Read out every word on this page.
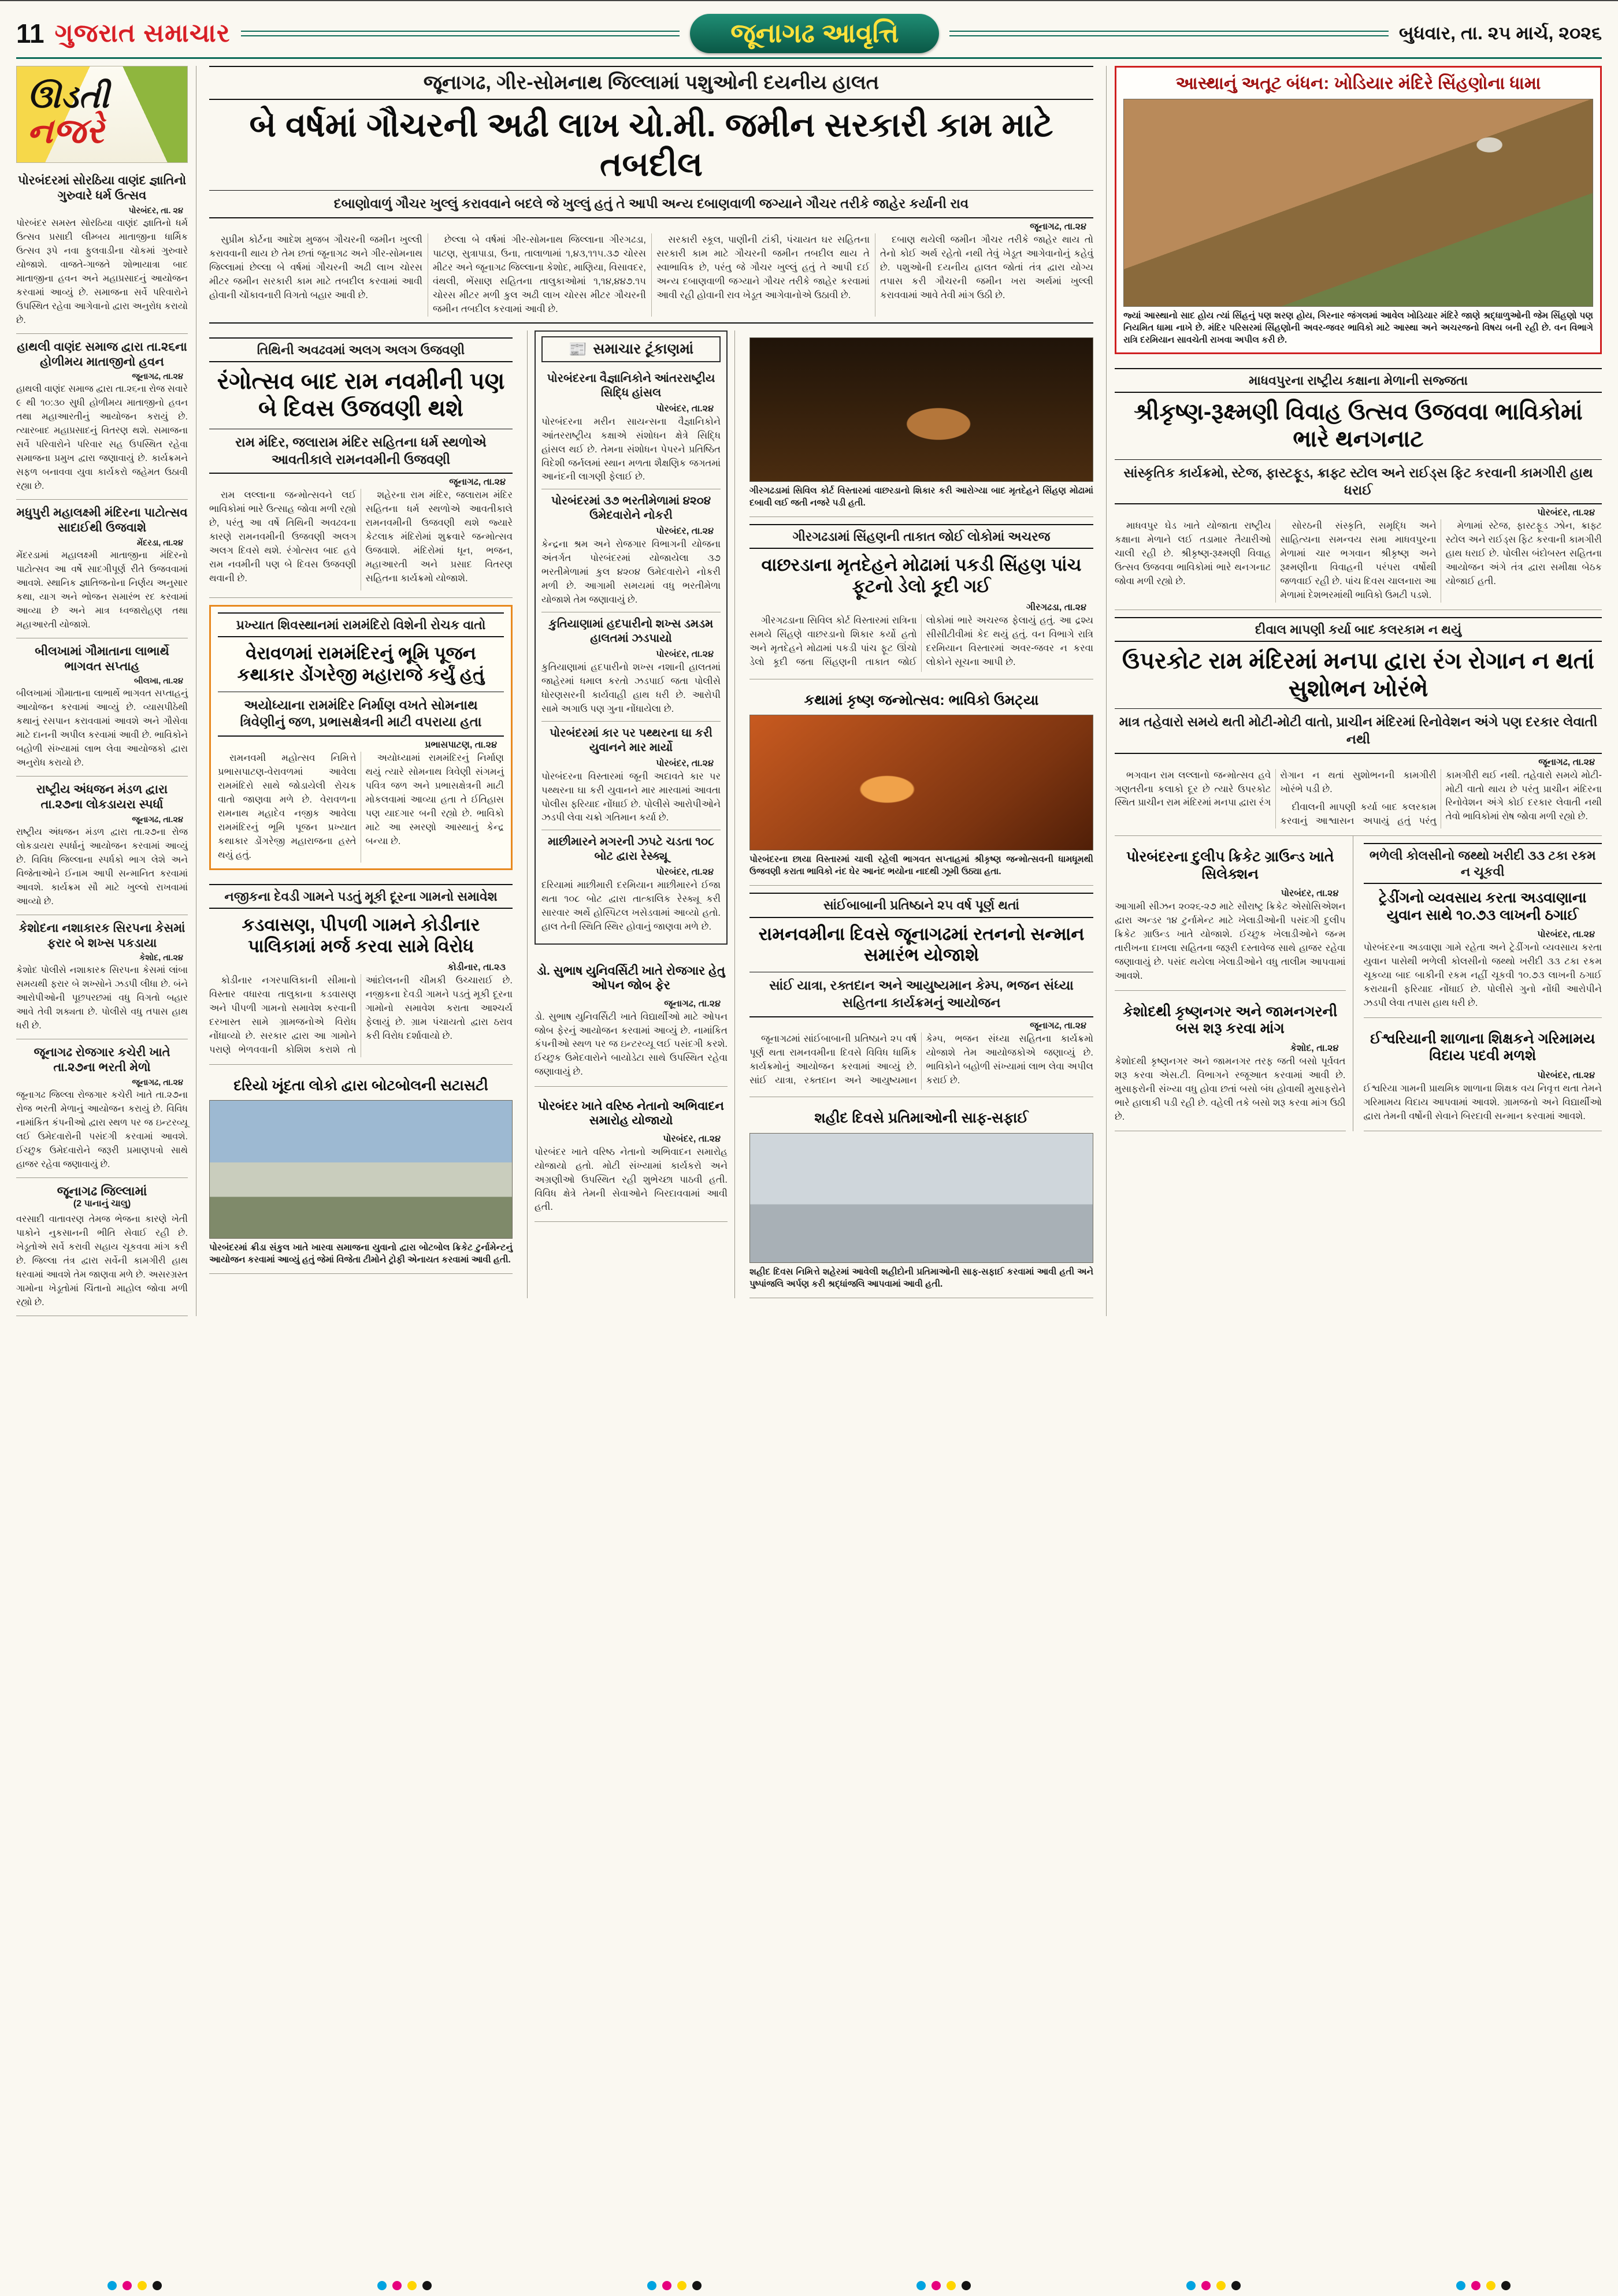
11 ગુજરાત સમાચાર	જૂનાગઢ આવૃત્તિ	બુધવાર, તા. ૨૫ માર્ચ, ૨૦૨૬
ઊડતી
નજરે
પોરબંદરમાં સોરઠિયા વાણંદ જ્ઞાતિનો ગુરુવારે ધર્મ ઉત્સવ
પોરબંદર, તા. ૨૪
પોરબંદર સમસ્ત સોરઠિયા વાણંદ જ્ઞાતિનો ધર્મ ઉત્સવ પ્રસાદી લીમ્બય માતાજીના ધાર્મિક ઉત્સવ રૂપે નવા ફુલવાડીના ચોકમાં ગુરુવારે યોજાશે. વાજતે-ગાજતે શોભાયાત્રા બાદ માતાજીના હવન અને મહાપ્રસાદનું આયોજન કરવામાં આવ્યું છે. સમાજના સર્વે પરિવારોને ઉપસ્થિત રહેવા આગેવાનો દ્વારા અનુરોધ કરાયો છે.
હાથલી વાણંદ સમાજ દ્વારા તા.૨૬ના હોળીમય માતાજીનો હવન
જૂનાગઢ, તા.૨૪
હાથલી વાણંદ સમાજ દ્વારા તા.૨૬ના રોજ સવારે ૯ થી ૧૦:૩૦ સુધી હોળીમય માતાજીનો હવન તથા મહાઆરતીનું આયોજન કરાયું છે. ત્યારબાદ મહાપ્રસાદનું વિતરણ થશે. સમાજના સર્વે પરિવારોને પરિવાર સહ ઉપસ્થિત રહેવા સમાજના પ્રમુખ દ્વારા જણાવાયું છે. કાર્યક્રમને સફળ બનાવવા યુવા કાર્યકરો જહેમત ઉઠાવી રહ્યા છે.
મધુપુરી મહાલક્ષ્મી મંદિરના પાટોત્સવ સાદાઈથી ઉજવાશે
મેંદરડા, તા.૨૪
મેંદરડામાં મહાલક્ષ્મી માતાજીના મંદિરનો પાટોત્સવ આ વર્ષે સાદગીપૂર્ણ રીતે ઉજવવામાં આવશે. સ્થાનિક જ્ઞાતિજનોના નિર્ણય અનુસાર કથા, યાગ અને ભોજન સમારંભ રદ કરવામાં આવ્યા છે અને માત્ર ધ્વજારોહણ તથા મહાઆરતી યોજાશે.
બીલખામાં ગૌમાતાના લાભાર્થે ભાગવત સપ્તાહ
બીલખા, તા.૨૪
બીલખામાં ગૌમાતાના લાભાર્થે ભાગવત સપ્તાહનું આયોજન કરવામાં આવ્યું છે. વ્યાસપીઠેથી કથાનું રસપાન કરાવવામાં આવશે અને ગૌસેવા માટે દાનની અપીલ કરવામાં આવી છે. ભાવિકોને બહોળી સંખ્યામાં લાભ લેવા આયોજકો દ્વારા અનુરોધ કરાયો છે.
રાષ્ટ્રીય અંધજન મંડળ દ્વારા તા.૨૭ના લોકડાયરા સ્પર્ધા
જૂનાગઢ, તા.૨૪
રાષ્ટ્રીય અંધજન મંડળ દ્વારા તા.૨૭ના રોજ લોકડાયરા સ્પર્ધાનું આયોજન કરવામાં આવ્યું છે. વિવિધ જિલ્લાના સ્પર્ધકો ભાગ લેશે અને વિજેતાઓને ઈનામ આપી સન્માનિત કરવામાં આવશે. કાર્યક્રમ સૌ માટે ખુલ્લો રાખવામાં આવ્યો છે.
કેશોદના નશાકારક સિરપના કેસમાં ફરાર બે શખ્સ પકડાયા
કેશોદ, તા.૨૪
કેશોદ પોલીસે નશાકારક સિરપના કેસમાં લાંબા સમયથી ફરાર બે શખ્સોને ઝડપી લીધા છે. બંને આરોપીઓની પૂછપરછમાં વધુ વિગતો બહાર આવે તેવી શક્યતા છે. પોલીસે વધુ તપાસ હાથ ધરી છે.
જૂનાગઢ રોજગાર કચેરી ખાતે તા.૨૭ના ભરતી મેળો
જૂનાગઢ, તા.૨૪
જૂનાગઢ જિલ્લા રોજગાર કચેરી ખાતે તા.૨૭ના રોજ ભરતી મેળાનું આયોજન કરાયું છે. વિવિધ નામાંકિત કંપનીઓ દ્વારા સ્થળ પર જ ઇન્ટરવ્યૂ લઈ ઉમેદવારોની પસંદગી કરવામાં આવશે. ઈચ્છુક ઉમેદવારોને જરૂરી પ્રમાણપત્રો સાથે હાજર રહેવા જણાવાયું છે.
જૂનાગઢ જિલ્લામાં
(2 પાનાનું ચાલુ)
વરસાદી વાતાવરણ તેમજ ભેજના કારણે ખેતી પાકોને નુકસાનની ભીતિ સેવાઈ રહી છે. ખેડૂતોએ સર્વે કરાવી સહાય ચૂકવવા માંગ કરી છે. જિલ્લા તંત્ર દ્વારા સર્વેની કામગીરી હાથ ધરવામાં આવશે તેમ જાણવા મળે છે. અસરગ્રસ્ત ગામોના ખેડૂતોમાં ચિંતાનો માહોલ જોવા મળી રહ્યો છે.
જૂનાગઢ, ગીર-સોમનાથ જિલ્લામાં પશુઓની દયનીય હાલત
બે વર્ષમાં ગૌચરની અઢી લાખ ચો.મી. જમીન સરકારી કામ માટે તબદીલ
દબાણોવાળું ગૌચર ખુલ્લું કરાવવાને બદલે જે ખુલ્લું હતું તે આપી અન્ય દબાણવાળી જગ્યાને ગૌચર તરીકે જાહેર કર્યાની રાવ
જૂનાગઢ, તા.૨૪

સુપ્રીમ કોર્ટના આદેશ મુજબ ગૌચરની જમીન ખુલ્લી કરાવવાની થાય છે તેમ છતાં જૂનાગઢ અને ગીર-સોમનાથ જિલ્લામાં છેલ્લા બે વર્ષમાં ગૌચરની અઢી લાખ ચોરસ મીટર જમીન સરકારી કામ માટે તબદીલ કરવામાં આવી હોવાની ચોંકાવનારી વિગતો બહાર આવી છે.

છેલ્લા બે વર્ષમાં ગીર-સોમનાથ જિલ્લાના ગીરગઢડા, પાટણ, સુત્રાપાડા, ઉના, તાલાળામાં ૧,૪૩,૧૧૫.૩૭ ચોરસ મીટર અને જૂનાગઢ જિલ્લાના કેશોદ, માણિયા, વિસાવદર, વંથલી, ભેંસાણ સહિતના તાલુકાઓમાં ૧,૧૪,૪૪૭.૧૫ ચોરસ મીટર મળી કુલ અઢી લાખ ચોરસ મીટર ગૌચરની જમીન તબદીલ કરવામાં આવી છે.

સરકારી સ્કૂલ, પાણીની ટાંકી, પંચાયત ઘર સહિતના સરકારી કામ માટે ગૌચરની જમીન તબદીલ થાય તે સ્વાભાવિક છે, પરંતુ જે ગૌચર ખુલ્લું હતું તે આપી દઈ અન્ય દબાણવાળી જગ્યાને ગૌચર તરીકે જાહેર કરવામાં આવી રહી હોવાની રાવ ખેડૂત આગેવાનોએ ઉઠાવી છે.

દબાણ થયેલી જમીન ગૌચર તરીકે જાહેર થાય તો તેનો કોઈ અર્થ રહેતો નથી તેવું ખેડૂત આગેવાનોનું કહેવું છે. પશુઓની દયનીય હાલત જોતાં તંત્ર દ્વારા યોગ્ય તપાસ કરી ગૌચરની જમીન ખરા અર્થમાં ખુલ્લી કરાવવામાં આવે તેવી માંગ ઉઠી છે.

તિથિની અવઢવમાં અલગ અલગ ઉજવણી
રંગોત્સવ બાદ રામ નવમીની પણ બે દિવસ ઉજવણી થશે
રામ મંદિર, જલારામ મંદિર સહિતના ધર્મ સ્થળોએ આવતીકાલે રામનવમીની ઉજવણી
જૂનાગઢ, તા.૨૪

રામ લલ્લાના જન્મોત્સવને લઈ ભાવિકોમાં ભારે ઉત્સાહ જોવા મળી રહ્યો છે, પરંતુ આ વર્ષે તિથિની અવઢવના કારણે રામનવમીની ઉજવણી અલગ અલગ દિવસે થશે. રંગોત્સવ બાદ હવે રામ નવમીની પણ બે દિવસ ઉજવણી થવાની છે.

શહેરના રામ મંદિર, જલારામ મંદિર સહિતના ધર્મ સ્થળોએ આવતીકાલે રામનવમીની ઉજવણી થશે જ્યારે કેટલાક મંદિરોમાં શુક્રવારે જન્મોત્સવ ઉજવાશે. મંદિરોમાં ધૂન, ભજન, મહાઆરતી અને પ્રસાદ વિતરણ સહિતના કાર્યક્રમો યોજાશે.

પ્રખ્યાત શિવસ્થાનમાં રામમંદિરો વિશેની રોચક વાતો
વેરાવળમાં રામમંદિરનું ભૂમિ પૂજન કથાકાર ડોંગરેજી મહારાજે કર્યું હતું
અયોધ્યાના રામમંદિર નિર્માણ વખતે સોમનાથ ત્રિવેણીનું જળ, પ્રભાસક્ષેત્રની માટી વપરાયા હતા
પ્રભાસપાટણ, તા.૨૪

રામનવમી મહોત્સવ નિમિત્તે પ્રભાસપાટણ-વેરાવળમાં આવેલા રામમંદિરો સાથે જોડાયેલી રોચક વાતો જાણવા મળે છે. વેરાવળના રામનાથ મહાદેવ નજીક આવેલા રામમંદિરનું ભૂમિ પૂજન પ્રખ્યાત કથાકાર ડોંગરેજી મહારાજના હસ્તે થયું હતું.

અયોધ્યામાં રામમંદિરનું નિર્માણ થયું ત્યારે સોમનાથ ત્રિવેણી સંગમનું પવિત્ર જળ અને પ્રભાસક્ષેત્રની માટી મોકલવામાં આવ્યા હતા તે ઈતિહાસ પણ યાદગાર બની રહ્યો છે. ભાવિકો માટે આ સ્મરણો આસ્થાનું કેન્દ્ર બન્યા છે.

નજીકના દેવડી ગામને પડતું મૂકી દૂરના ગામનો સમાવેશ
કડવાસણ, પીપળી ગામને કોડીનાર પાલિકામાં મર્જ કરવા સામે વિરોધ
કોડીનાર, તા.૨૩

કોડીનાર નગરપાલિકાની સીમાનો વિસ્તાર વધારવા તાલુકાના કડવાસણ અને પીપળી ગામનો સમાવેશ કરવાની દરખાસ્ત સામે ગ્રામજનોએ વિરોધ નોંધાવ્યો છે. સરકાર દ્વારા આ ગામોને પરાણે ભેળવવાની કોશિશ કરાશે તો આંદોલનની ચીમકી ઉચ્ચારાઈ છે. નજીકના દેવડી ગામને પડતું મૂકી દૂરના ગામોનો સમાવેશ કરાતા આશ્ચર્ય ફેલાયું છે. ગ્રામ પંચાયતો દ્વારા ઠરાવ કરી વિરોધ દર્શાવાયો છે.

દરિયો ખૂંદતા લોકો દ્વારા બોટબોલની સટાસટી
પોરબંદરમાં ક્રીડા સંકુલ ખાતે ખારવા સમાજના યુવાનો દ્વારા બોટબોલ ક્રિકેટ ટુર્નામેન્ટનું આયોજન કરવામાં આવ્યું હતું જેમાં વિજેતા ટીમોને ટ્રોફી એનાયત કરવામાં આવી હતી.
📰 સમાચાર ટૂંકાણમાં
પોરબંદરના વૈજ્ઞાનિકોને આંતરરાષ્ટ્રીય સિદ્ધિ હાંસલ
પોરબંદર, તા.૨૪
પોરબંદરના મરીન સાયન્સના વૈજ્ઞાનિકોને આંતરરાષ્ટ્રીય કક્ષાએ સંશોધન ક્ષેત્રે સિદ્ધિ હાંસલ થઈ છે. તેમના સંશોધન પેપરને પ્રતિષ્ઠિત વિદેશી જર્નલમાં સ્થાન મળતા શૈક્ષણિક જગતમાં આનંદની લાગણી ફેલાઈ છે.
પોરબંદરમાં ૩૭ ભરતીમેળામાં ૪૨૦૪ ઉમેદવારોને નોકરી
પોરબંદર, તા.૨૪
કેન્દ્રના શ્રમ અને રોજગાર વિભાગની યોજના અંતર્ગત પોરબંદરમાં યોજાયેલા ૩૭ ભરતીમેળામાં કુલ ૪૨૦૪ ઉમેદવારોને નોકરી મળી છે. આગામી સમયમાં વધુ ભરતીમેળા યોજાશે તેમ જણાવાયું છે.
કુતિયાણામાં હદપારીનો શખ્સ ડમડમ હાલતમાં ઝડપાયો
પોરબંદર, તા.૨૪
કુતિયાણામાં હદપારીનો શખ્સ નશાની હાલતમાં જાહેરમાં ધમાલ કરતો ઝડપાઈ જતા પોલીસે ધોરણસરની કાર્યવાહી હાથ ધરી છે. આરોપી સામે અગાઉ પણ ગુના નોંધાયેલા છે.
પોરબંદરમાં કાર પર પથ્થરના ઘા કરી યુવાનને માર માર્યો
પોરબંદર, તા.૨૪
પોરબંદરના વિસ્તારમાં જૂની અદાવતે કાર પર પથ્થરના ઘા કરી યુવાનને માર મારવામાં આવતા પોલીસ ફરિયાદ નોંધાઈ છે. પોલીસે આરોપીઓને ઝડપી લેવા ચક્રો ગતિમાન કર્યા છે.
માછીમારને મગરની ઝપટે ચડતા ૧૦૮ બોટ દ્વારા રેસ્ક્યૂ
પોરબંદર, તા.૨૪
દરિયામાં માછીમારી દરમિયાન માછીમારને ઈજા થતા ૧૦૮ બોટ દ્વારા તાત્કાલિક રેસ્ક્યૂ કરી સારવાર અર્થે હોસ્પિટલ ખસેડવામાં આવ્યો હતો. હાલ તેની સ્થિતિ સ્થિર હોવાનું જાણવા મળે છે.
ડો. સુભાષ યુનિવર્સિટી ખાતે રોજગાર હેતુ ઓપન જોબ ફેર
જૂનાગઢ, તા.૨૪
ડો. સુભાષ યુનિવર્સિટી ખાતે વિદ્યાર્થીઓ માટે ઓપન જોબ ફેરનું આયોજન કરવામાં આવ્યું છે. નામાંકિત કંપનીઓ સ્થળ પર જ ઇન્ટરવ્યૂ લઈ પસંદગી કરશે. ઈચ્છુક ઉમેદવારોને બાયોડેટા સાથે ઉપસ્થિત રહેવા જણાવાયું છે.
પોરબંદર ખાતે વરિષ્ઠ નેતાનો અભિવાદન સમારોહ યોજાયો
પોરબંદર, તા.૨૪
પોરબંદર ખાતે વરિષ્ઠ નેતાનો અભિવાદન સમારોહ યોજાયો હતો. મોટી સંખ્યામાં કાર્યકરો અને અગ્રણીઓ ઉપસ્થિત રહી શુભેચ્છા પાઠવી હતી. વિવિધ ક્ષેત્રે તેમની સેવાઓને બિરદાવવામાં આવી હતી.
ગીરગઢડામાં સિવિલ કોર્ટ વિસ્તારમાં વાછરડાનો શિકાર કરી આરોગ્યા બાદ મૃતદેહને સિંહણ મોઢામાં દબાવી લઈ જતી નજરે પડી હતી.
ગીરગઢડામાં સિંહણની તાકાત જોઈ લોકોમાં અચરજ
વાછરડાના મૃતદેહને મોઢામાં પકડી સિંહણ પાંચ ફૂટનો ડેલો કૂદી ગઈ
ગીરગઢડા, તા.૨૪

ગીરગઢડાના સિવિલ કોર્ટ વિસ્તારમાં રાત્રિના સમયે સિંહણે વાછરડાનો શિકાર કર્યો હતો અને મૃતદેહને મોઢામાં પકડી પાંચ ફૂટ ઊંચો ડેલો કૂદી જતા સિંહણની તાકાત જોઈ લોકોમાં ભારે અચરજ ફેલાયું હતું. આ દ્રશ્ય સીસીટીવીમાં કેદ થયું હતું. વન વિભાગે રાત્રિ દરમિયાન વિસ્તારમાં અવર-જવર ન કરવા લોકોને સૂચના આપી છે.

કથામાં કૃષ્ણ જન્મોત્સવ: ભાવિકો ઉમટ્યા
પોરબંદરના છાયા વિસ્તારમાં ચાલી રહેલી ભાગવત સપ્તાહમાં શ્રીકૃષ્ણ જન્મોત્સવની ધામધૂમથી ઉજવણી કરાતા ભાવિકો નંદ ઘેર આનંદ ભયોના નાદથી ઝૂમી ઉઠ્યા હતા.
સાંઈબાબાની પ્રતિષ્ઠાને ૨૫ વર્ષ પૂર્ણ થતાં
રામનવમીના દિવસે જૂનાગઢમાં રતનનો સન્માન સમારંભ યોજાશે
સાંઈ યાત્રા, રક્તદાન અને આયુષ્યમાન કેમ્પ, ભજન સંધ્યા સહિતના કાર્યક્રમનું આયોજન
જૂનાગઢ, તા.૨૪

જૂનાગઢમાં સાંઈબાબાની પ્રતિષ્ઠાને ૨૫ વર્ષ પૂર્ણ થતા રામનવમીના દિવસે વિવિધ ધાર્મિક કાર્યક્રમોનું આયોજન કરવામાં આવ્યું છે. સાંઈ યાત્રા, રક્તદાન અને આયુષ્યમાન કેમ્પ, ભજન સંધ્યા સહિતના કાર્યક્રમો યોજાશે તેમ આયોજકોએ જણાવ્યું છે. ભાવિકોને બહોળી સંખ્યામાં લાભ લેવા અપીલ કરાઈ છે.

શહીદ દિવસે પ્રતિમાઓની સાફ-સફાઈ
શહીદ દિવસ નિમિત્તે શહેરમાં આવેલી શહીદોની પ્રતિમાઓની સાફ-સફાઈ કરવામાં આવી હતી અને પુષ્પાંજલિ અર્પણ કરી શ્રદ્ધાંજલિ આપવામાં આવી હતી.
આસ્થાનું અતૂટ બંધન: ખોડિયાર મંદિરે સિંહણોના ધામા
જ્યાં આસ્થાનો સાદ હોય ત્યાં સિંહનું પણ શરણ હોય, ગિરનાર જંગલમાં આવેલ ખોડિયાર મંદિરે જાણે શ્રદ્ધાળુઓની જેમ સિંહણો પણ નિયમિત ધામા નાખે છે. મંદિર પરિસરમાં સિંહણોની અવર-જવર ભાવિકો માટે આસ્થા અને અચરજનો વિષય બની રહી છે. વન વિભાગે રાત્રિ દરમિયાન સાવચેતી રાખવા અપીલ કરી છે.
માધવપુરના રાષ્ટ્રીય કક્ષાના મેળાની સજ્જતા
શ્રીકૃષ્ણ-રૂક્ષ્મણી વિવાહ ઉત્સવ ઉજવવા ભાવિકોમાં ભારે થનગનાટ
સાંસ્કૃતિક કાર્યક્રમો, સ્ટેજ, ફાસ્ટફૂડ, ક્રાફ્ટ સ્ટોલ અને રાઈડ્સ ફિટ કરવાની કામગીરી હાથ ધરાઈ
પોરબંદર, તા.૨૪

માધવપુર ઘેડ ખાતે યોજાતા રાષ્ટ્રીય કક્ષાના મેળાને લઈ તડામાર તૈયારીઓ ચાલી રહી છે. શ્રીકૃષ્ણ-રૂક્ષ્મણી વિવાહ ઉત્સવ ઉજવવા ભાવિકોમાં ભારે થનગનાટ જોવા મળી રહ્યો છે.

સોરઠની સંસ્કૃતિ, સમૃદ્ધિ અને સાહિત્યના સમન્વય સમા માધવપુરના મેળામાં ચાર ભગવાન શ્રીકૃષ્ણ અને રૂક્ષ્મણીના વિવાહની પરંપરા વર્ષોથી જળવાઈ રહી છે. પાંચ દિવસ ચાલનારા આ મેળામાં દેશભરમાંથી ભાવિકો ઉમટી પડશે.

મેળામાં સ્ટેજ, ફાસ્ટફૂડ ઝોન, ક્રાફ્ટ સ્ટોલ અને રાઈડ્સ ફિટ કરવાની કામગીરી હાથ ધરાઈ છે. પોલીસ બંદોબસ્ત સહિતના આયોજન અંગે તંત્ર દ્વારા સમીક્ષા બેઠક યોજાઈ હતી.

દીવાલ માપણી કર્યા બાદ કલરકામ ન થયું
ઉપરકોટ રામ મંદિરમાં મનપા દ્વારા રંગ રોગાન ન થતાં સુશોભન ખોરંભે
માત્ર તહેવારો સમયે થતી મોટી-મોટી વાતો, પ્રાચીન મંદિરમાં રિનોવેશન અંગે પણ દરકાર લેવાતી નથી
જૂનાગઢ, તા.૨૪

ભગવાન રામ લલ્લાનો જન્મોત્સવ હવે ગણતરીના કલાકો દૂર છે ત્યારે ઉપરકોટ સ્થિત પ્રાચીન રામ મંદિરમાં મનપા દ્વારા રંગ રોગાન ન થતાં સુશોભનની કામગીરી ખોરંભે પડી છે.

દીવાલની માપણી કર્યા બાદ કલરકામ કરવાનું આશ્વાસન અપાયું હતું પરંતુ કામગીરી થઈ નથી. તહેવારો સમયે મોટી-મોટી વાતો થાય છે પરંતુ પ્રાચીન મંદિરના રિનોવેશન અંગે કોઈ દરકાર લેવાતી નથી તેવો ભાવિકોમાં રોષ જોવા મળી રહ્યો છે.

પોરબંદરના દુલીપ ક્રિકેટ ગ્રાઉન્ડ ખાતે સિલેક્શન
પોરબંદર, તા.૨૪
આગામી સીઝન ૨૦૨૬-૨૭ માટે સૌરાષ્ટ્ર ક્રિકેટ એસોસિએશન દ્વારા અન્ડર ૧૪ ટુર્નામેન્ટ માટે ખેલાડીઓની પસંદગી દુલીપ ક્રિકેટ ગ્રાઉન્ડ ખાતે યોજાશે. ઈચ્છુક ખેલાડીઓને જન્મ તારીખના દાખલા સહિતના જરૂરી દસ્તાવેજ સાથે હાજર રહેવા જણાવાયું છે. પસંદ થયેલા ખેલાડીઓને વધુ તાલીમ આપવામાં આવશે.
કેશોદથી કૃષ્ણનગર અને જામનગરની બસ શરૂ કરવા માંગ
કેશોદ, તા.૨૪
કેશોદથી કૃષ્ણનગર અને જામનગર તરફ જતી બસો પૂર્વવત શરૂ કરવા એસ.ટી. વિભાગને રજૂઆત કરવામાં આવી છે. મુસાફરોની સંખ્યા વધુ હોવા છતાં બસો બંધ હોવાથી મુસાફરોને ભારે હાલાકી પડી રહી છે. વહેલી તકે બસો શરૂ કરવા માંગ ઉઠી છે.
ભળેલી કોલસીનો જથ્થો ખરીદી ૩૩ ટકા રકમ ન ચૂકવી
ટ્રેડીંગનો વ્યવસાય કરતા અડવાણાના યુવાન સાથે ૧૦.૭૩ લાખની ઠગાઈ
પોરબંદર, તા.૨૪
પોરબંદરના અડવાણા ગામે રહેતા અને ટ્રેડીંગનો વ્યવસાય કરતા યુવાન પાસેથી ભળેલી કોલસીનો જથ્થો ખરીદી ૩૩ ટકા રકમ ચૂકવ્યા બાદ બાકીની રકમ નહીં ચૂકવી ૧૦.૭૩ લાખની ઠગાઈ કરાયાની ફરિયાદ નોંધાઈ છે. પોલીસે ગુનો નોંધી આરોપીને ઝડપી લેવા તપાસ હાથ ધરી છે.
ઈશ્વરિયાની શાળાના શિક્ષકને ગરિમામય વિદાય પદવી મળશે
પોરબંદર, તા.૨૪
ઈશ્વરિયા ગામની પ્રાથમિક શાળાના શિક્ષક વય નિવૃત્ત થતા તેમને ગરિમામય વિદાય આપવામાં આવશે. ગ્રામજનો અને વિદ્યાર્થીઓ દ્વારા તેમની વર્ષોની સેવાને બિરદાવી સન્માન કરવામાં આવશે.
